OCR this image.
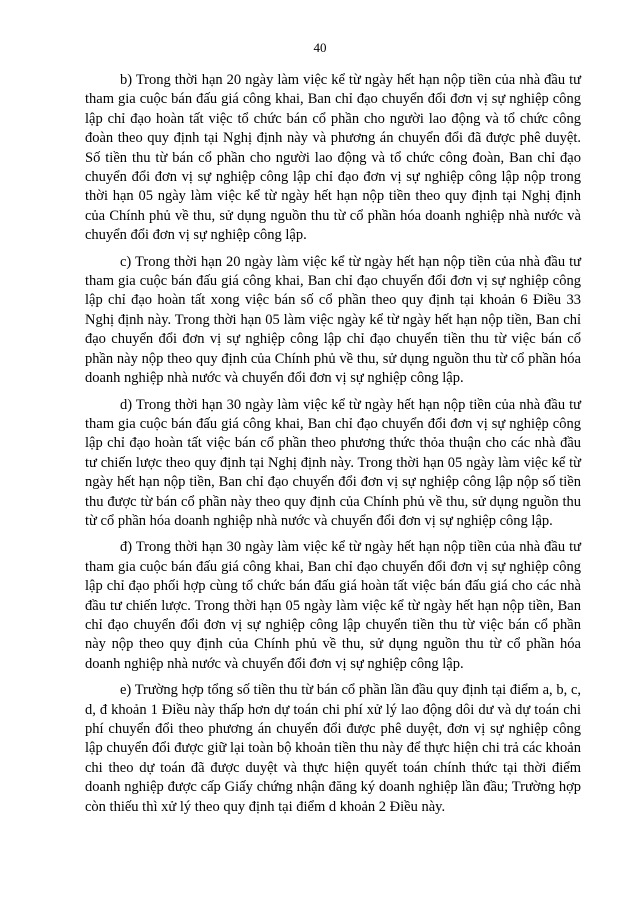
40

b) Trong thời hạn 20 ngày làm việc kể từ ngày hết hạn nộp tiền của nhà đầu tư tham gia cuộc bán đấu giá công khai, Ban chỉ đạo chuyển đổi đơn vị sự nghiệp công lập chỉ đạo hoàn tất việc tổ chức bán cổ phần cho người lao động và tổ chức công đoàn theo quy định tại Nghị định này và phương án chuyển đổi đã được phê duyệt. Số tiền thu từ bán cổ phần cho người lao động và tổ chức công đoàn, Ban chỉ đạo chuyển đổi đơn vị sự nghiệp công lập chỉ đạo đơn vị sự nghiệp công lập nộp trong thời hạn 05 ngày làm việc kể từ ngày hết hạn nộp tiền theo quy định tại Nghị định của Chính phủ về thu, sử dụng nguồn thu từ cổ phần hóa doanh nghiệp nhà nước và chuyển đổi đơn vị sự nghiệp công lập.

c) Trong thời hạn 20 ngày làm việc kể từ ngày hết hạn nộp tiền của nhà đầu tư tham gia cuộc bán đấu giá công khai, Ban chỉ đạo chuyển đổi đơn vị sự nghiệp công lập chỉ đạo hoàn tất xong việc bán số cổ phần theo quy định tại khoản 6 Điều 33 Nghị định này. Trong thời hạn 05 làm việc ngày kể từ ngày hết hạn nộp tiền, Ban chỉ đạo chuyển đổi đơn vị sự nghiệp công lập chỉ đạo chuyển tiền thu từ việc bán cổ phần này nộp theo quy định của Chính phủ về thu, sử dụng nguồn thu từ cổ phần hóa doanh nghiệp nhà nước và chuyển đổi đơn vị sự nghiệp công lập.

d) Trong thời hạn 30 ngày làm việc kể từ ngày hết hạn nộp tiền của nhà đầu tư tham gia cuộc bán đấu giá công khai, Ban chỉ đạo chuyển đổi đơn vị sự nghiệp công lập chỉ đạo hoàn tất việc bán cổ phần theo phương thức thỏa thuận cho các nhà đầu tư chiến lược theo quy định tại Nghị định này. Trong thời hạn 05 ngày làm việc kể từ ngày hết hạn nộp tiền, Ban chỉ đạo chuyển đổi đơn vị sự nghiệp công lập nộp số tiền thu được từ bán cổ phần này theo quy định của Chính phủ về thu, sử dụng nguồn thu từ cổ phần hóa doanh nghiệp nhà nước và chuyển đổi đơn vị sự nghiệp công lập.

đ) Trong thời hạn 30 ngày làm việc kể từ ngày hết hạn nộp tiền của nhà đầu tư tham gia cuộc bán đấu giá công khai, Ban chỉ đạo chuyển đổi đơn vị sự nghiệp công lập chỉ đạo phối hợp cùng tổ chức bán đấu giá hoàn tất việc bán đấu giá cho các nhà đầu tư chiến lược. Trong thời hạn 05 ngày làm việc kể từ ngày hết hạn nộp tiền, Ban chỉ đạo chuyển đổi đơn vị sự nghiệp công lập chuyển tiền thu từ việc bán cổ phần này nộp theo quy định của Chính phủ về thu, sử dụng nguồn thu từ cổ phần hóa doanh nghiệp nhà nước và chuyển đổi đơn vị sự nghiệp công lập.

e) Trường hợp tổng số tiền thu từ bán cổ phần lần đầu quy định tại điểm a, b, c, d, đ khoản 1 Điều này thấp hơn dự toán chi phí xử lý lao động dôi dư và dự toán chi phí chuyển đổi theo phương án chuyển đổi được phê duyệt, đơn vị sự nghiệp công lập chuyển đổi được giữ lại toàn bộ khoản tiền thu này để thực hiện chi trả các khoản chi theo dự toán đã được duyệt và thực hiện quyết toán chính thức tại thời điểm doanh nghiệp được cấp Giấy chứng nhận đăng ký doanh nghiệp lần đầu; Trường hợp còn thiếu thì xử lý theo quy định tại điểm d khoản 2 Điều này.
